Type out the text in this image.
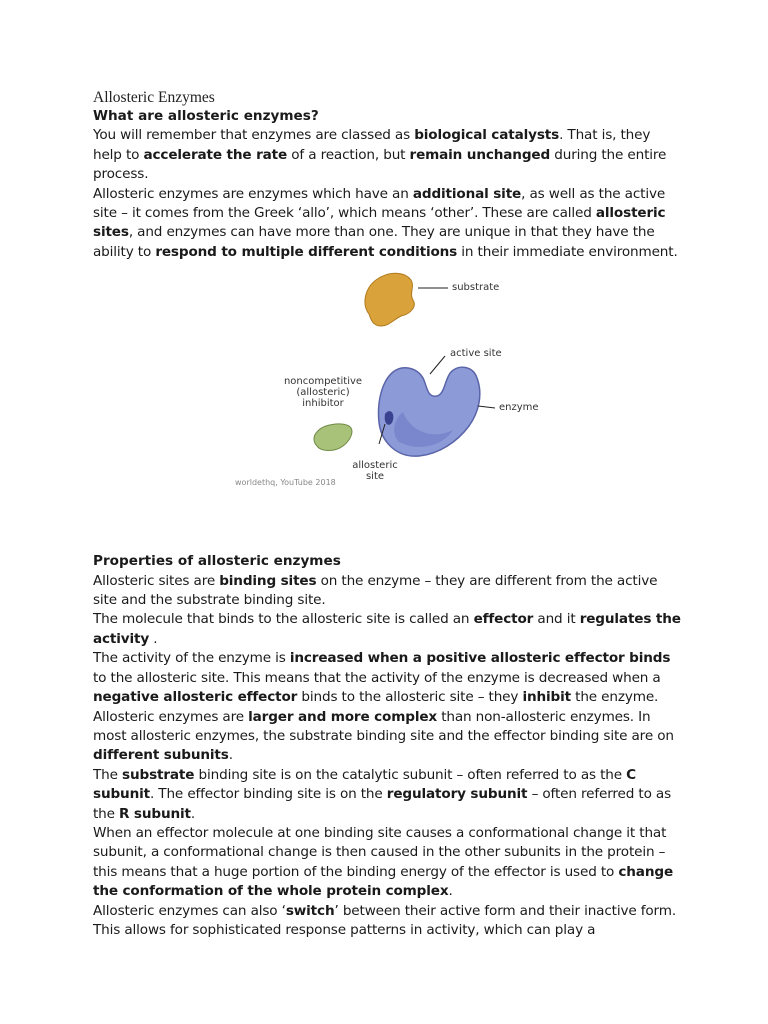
Allosteric Enzymes

What are allosteric enzymes?

You will remember that enzymes are classed as biological catalysts. That is, they help to accelerate the rate of a reaction, but remain unchanged during the entire process.

Allosteric enzymes are enzymes which have an additional site, as well as the active site – it comes from the Greek ‘allo’, which means ‘other’. These are called allosteric sites, and enzymes can have more than one. They are unique in that they have the ability to respond to multiple different conditions in their immediate environment.

substrate
active site
enzyme
noncompetitive
(allosteric)
inhibitor
allosteric
site
worldethq, YouTube 2018

Properties of allosteric enzymes

Allosteric sites are binding sites on the enzyme – they are different from the active site and the substrate binding site.

The molecule that binds to the allosteric site is called an effector and it regulates the activity .

The activity of the enzyme is increased when a positive allosteric effector binds to the allosteric site. This means that the activity of the enzyme is decreased when a negative allosteric effector binds to the allosteric site – they inhibit the enzyme.

Allosteric enzymes are larger and more complex than non-allosteric enzymes. In most allosteric enzymes, the substrate binding site and the effector binding site are on different subunits.

The substrate binding site is on the catalytic subunit – often referred to as the C subunit. The effector binding site is on the regulatory subunit – often referred to as the R subunit.

When an effector molecule at one binding site causes a conformational change it that subunit, a conformational change is then caused in the other subunits in the protein – this means that a huge portion of the binding energy of the effector is used to change the conformation of the whole protein complex.

Allosteric enzymes can also ‘switch’ between their active form and their inactive form. This allows for sophisticated response patterns in activity, which can play a
